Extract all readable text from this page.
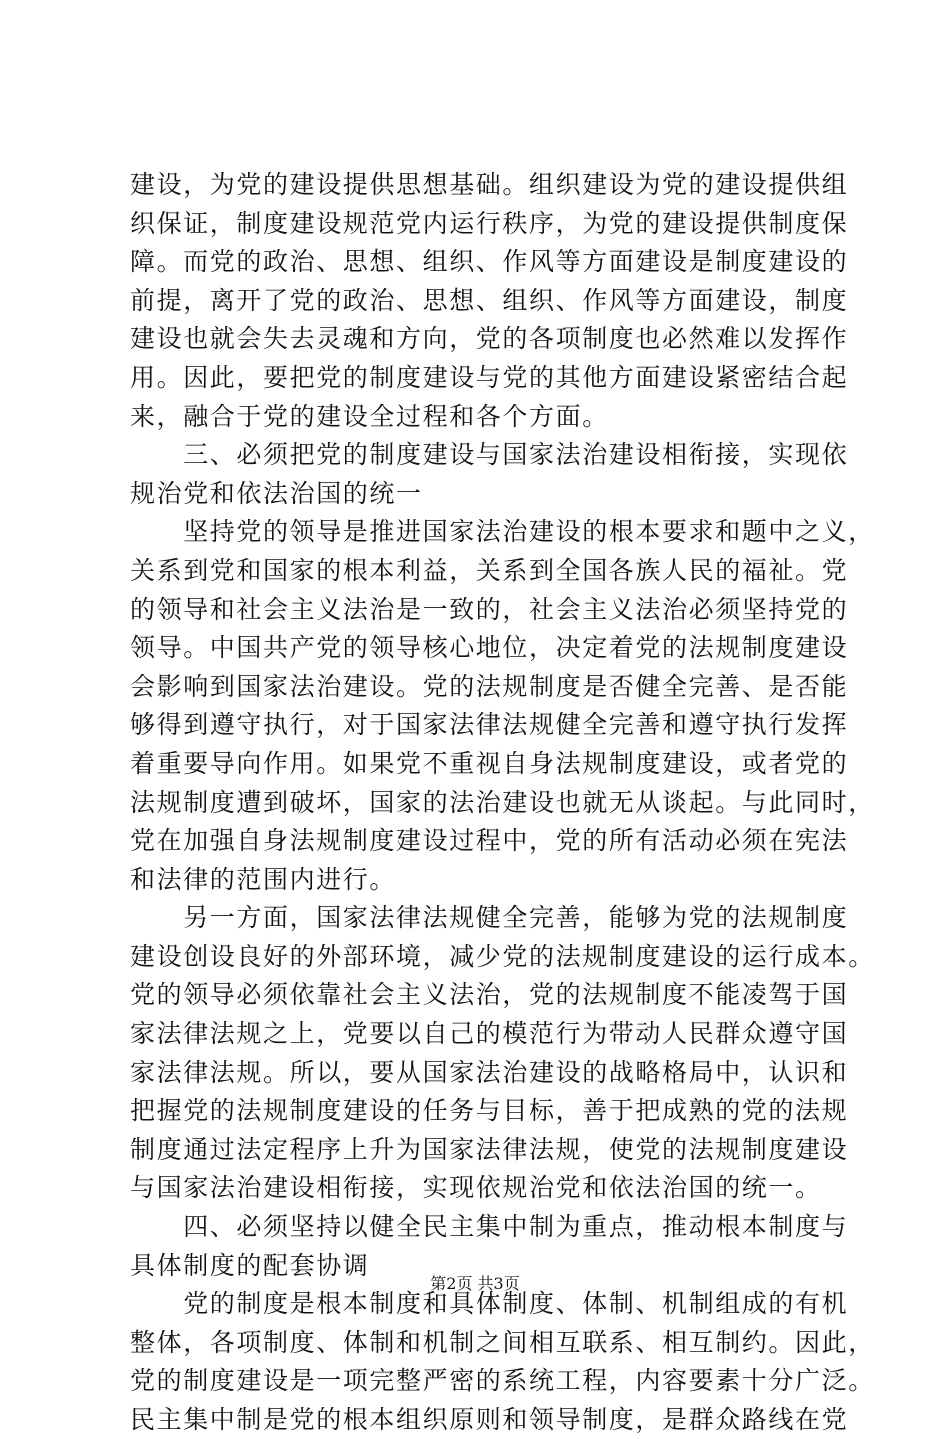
建设，为党的建设提供思想基础。组织建设为党的建设提供组
织保证，制度建设规范党内运行秩序，为党的建设提供制度保
障。而党的政治、思想、组织、作风等方面建设是制度建设的
前提，离开了党的政治、思想、组织、作风等方面建设，制度
建设也就会失去灵魂和方向，党的各项制度也必然难以发挥作
用。因此，要把党的制度建设与党的其他方面建设紧密结合起
来，融合于党的建设全过程和各个方面。
　　三、必须把党的制度建设与国家法治建设相衔接，实现依
规治党和依法治国的统一
　　坚持党的领导是推进国家法治建设的根本要求和题中之义，
关系到党和国家的根本利益，关系到全国各族人民的福祉。党
的领导和社会主义法治是一致的，社会主义法治必须坚持党的
领导。中国共产党的领导核心地位，决定着党的法规制度建设
会影响到国家法治建设。党的法规制度是否健全完善、是否能
够得到遵守执行，对于国家法律法规健全完善和遵守执行发挥
着重要导向作用。如果党不重视自身法规制度建设，或者党的
法规制度遭到破坏，国家的法治建设也就无从谈起。与此同时，
党在加强自身法规制度建设过程中，党的所有活动必须在宪法
和法律的范围内进行。
　　另一方面，国家法律法规健全完善，能够为党的法规制度
建设创设良好的外部环境，减少党的法规制度建设的运行成本。
党的领导必须依靠社会主义法治，党的法规制度不能凌驾于国
家法律法规之上，党要以自己的模范行为带动人民群众遵守国
家法律法规。所以，要从国家法治建设的战略格局中，认识和
把握党的法规制度建设的任务与目标，善于把成熟的党的法规
制度通过法定程序上升为国家法律法规，使党的法规制度建设
与国家法治建设相衔接，实现依规治党和依法治国的统一。
　　四、必须坚持以健全民主集中制为重点，推动根本制度与
具体制度的配套协调
　　党的制度是根本制度和具体制度、体制、机制组成的有机
整体，各项制度、体制和机制之间相互联系、相互制约。因此，
党的制度建设是一项完整严密的系统工程，内容要素十分广泛。
民主集中制是党的根本组织原则和领导制度，是群众路线在党
第2页 共3页
